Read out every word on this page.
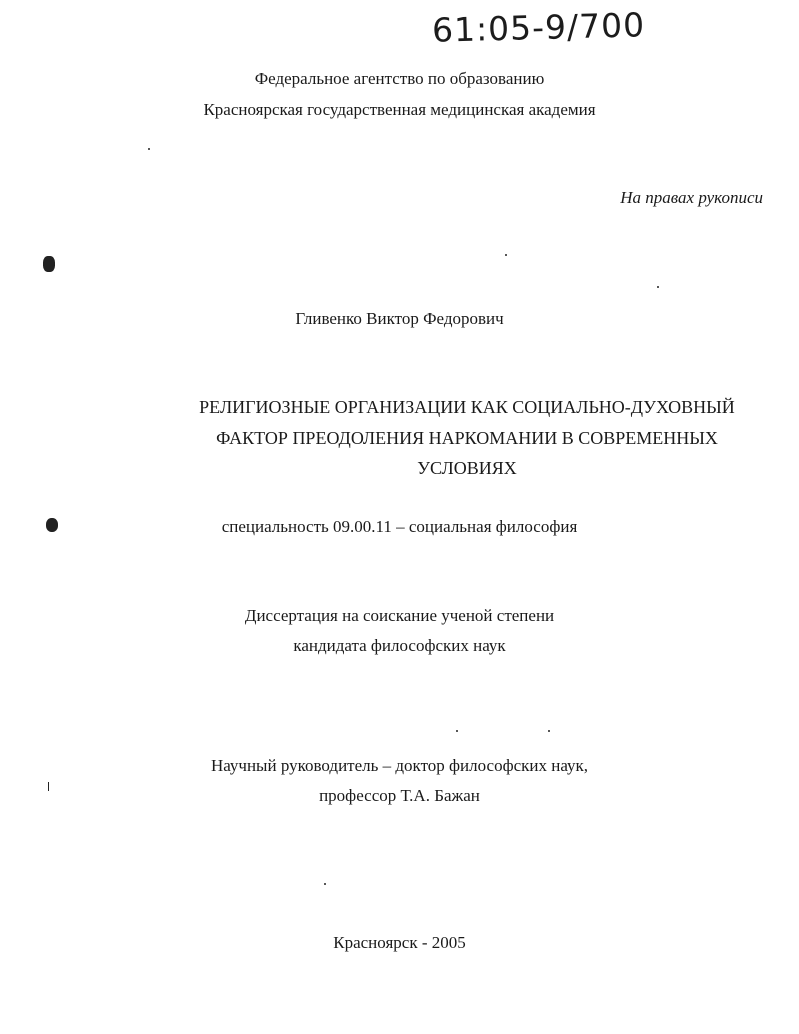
61:05-9/700
Федеральное агентство по образованию
Красноярская государственная медицинская академия
На правах рукописи
Гливенко Виктор Федорович
РЕЛИГИОЗНЫЕ ОРГАНИЗАЦИИ КАК СОЦИАЛЬНО-ДУХОВНЫЙ
ФАКТОР ПРЕОДОЛЕНИЯ НАРКОМАНИИ В СОВРЕМЕННЫХ
УСЛОВИЯХ
специальность 09.00.11 – социальная философия
Диссертация на соискание ученой степени
кандидата философских наук
Научный руководитель – доктор философских наук,
профессор Т.А. Бажан
Красноярск - 2005
